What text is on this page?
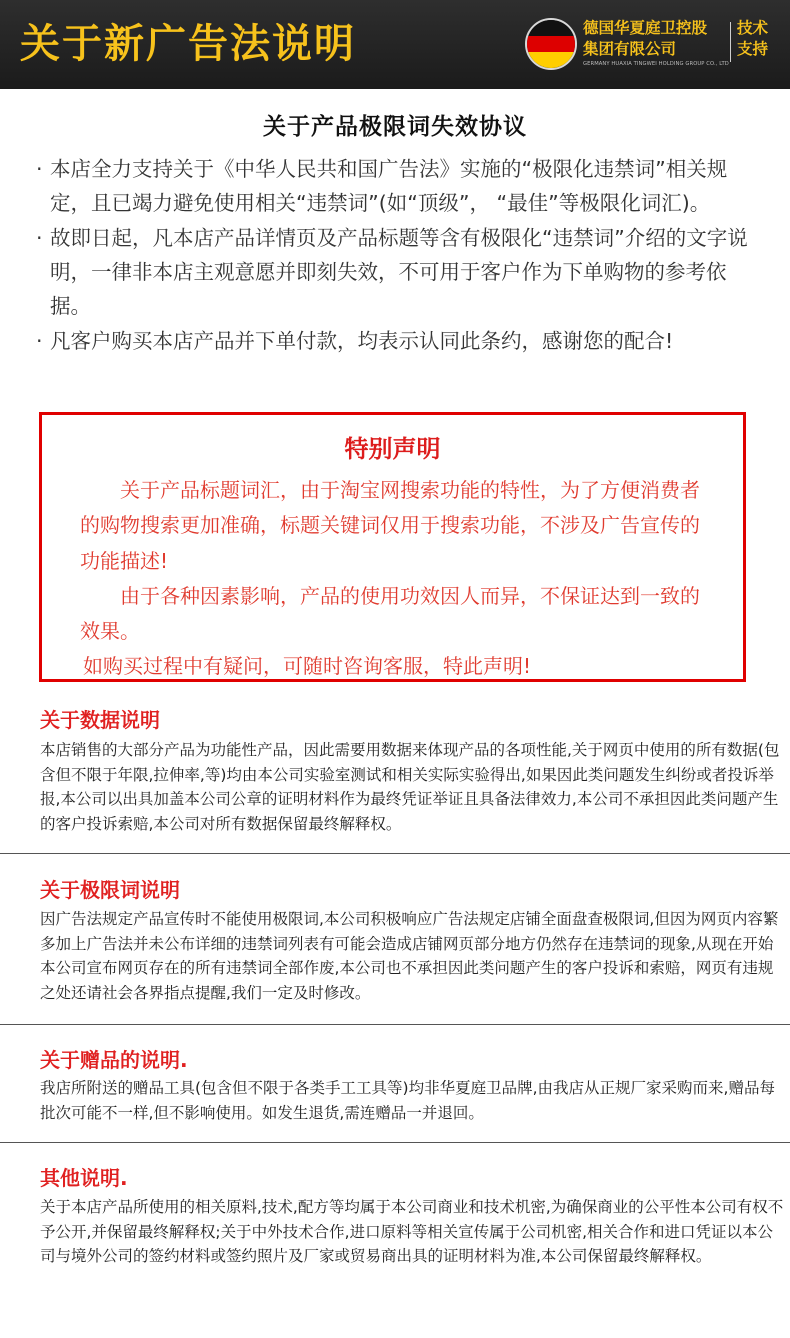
关于新广告法说明	德国华夏庭卫控股
集团有限公司
GERMANY HUAXIA TINGWEI HOLDING GROUP CO., LTD
技术
支持
关于产品极限词失效协议
· 本店全力支持关于《中华人民共和国广告法》实施的“极限化违禁词”相关规定，且已竭力避免使用相关“违禁词”(如“顶级”， “最佳”等极限化词汇)。
· 故即日起，凡本店产品详情页及产品标题等含有极限化“违禁词”介绍的文字说明，一律非本店主观意愿并即刻失效，不可用于客户作为下单购物的参考依据。
· 凡客户购买本店产品并下单付款，均表示认同此条约，感谢您的配合!
特别声明

关于产品标题词汇，由于淘宝网搜索功能的特性，为了方便消费者的购物搜索更加准确，标题关键词仅用于搜索功能，不涉及广告宣传的功能描述!

由于各种因素影响，产品的使用功效因人而异，不保证达到一致的效果。

如购买过程中有疑问，可随时咨询客服，特此声明!

关于数据说明
本店销售的大部分产品为功能性产品，因此需要用数据来体现产品的各项性能,关于网页中使用的所有数据(包含但不限于年限,拉伸率,等)均由本公司实验室测试和相关实际实验得出,如果因此类问题发生纠纷或者投诉举报,本公司以出具加盖本公司公章的证明材料作为最终凭证举证且具备法律效力,本公司不承担因此类问题产生的客户投诉索赔,本公司对所有数据保留最终解释权。
关于极限词说明
因广告法规定产品宣传时不能使用极限词,本公司积极响应广告法规定店铺全面盘查极限词,但因为网页内容繁多加上广告法并未公布详细的违禁词列表有可能会造成店铺网页部分地方仍然存在违禁词的现象,从现在开始本公司宣布网页存在的所有违禁词全部作废,本公司也不承担因此类问题产生的客户投诉和索赔，网页有违规之处还请社会各界指点提醒,我们一定及时修改。
关于赠品的说明.
我店所附送的赠品工具(包含但不限于各类手工工具等)均非华夏庭卫品牌,由我店从正规厂家采购而来,赠品每批次可能不一样,但不影响使用。如发生退货,需连赠品一并退回。
其他说明.
关于本店产品所使用的相关原料,技术,配方等均属于本公司商业和技术机密,为确保商业的公平性本公司有权不予公开,并保留最终解释权;关于中外技术合作,进口原料等相关宣传属于公司机密,相关合作和进口凭证以本公司与境外公司的签约材料或签约照片及厂家或贸易商出具的证明材料为准,本公司保留最终解释权。
